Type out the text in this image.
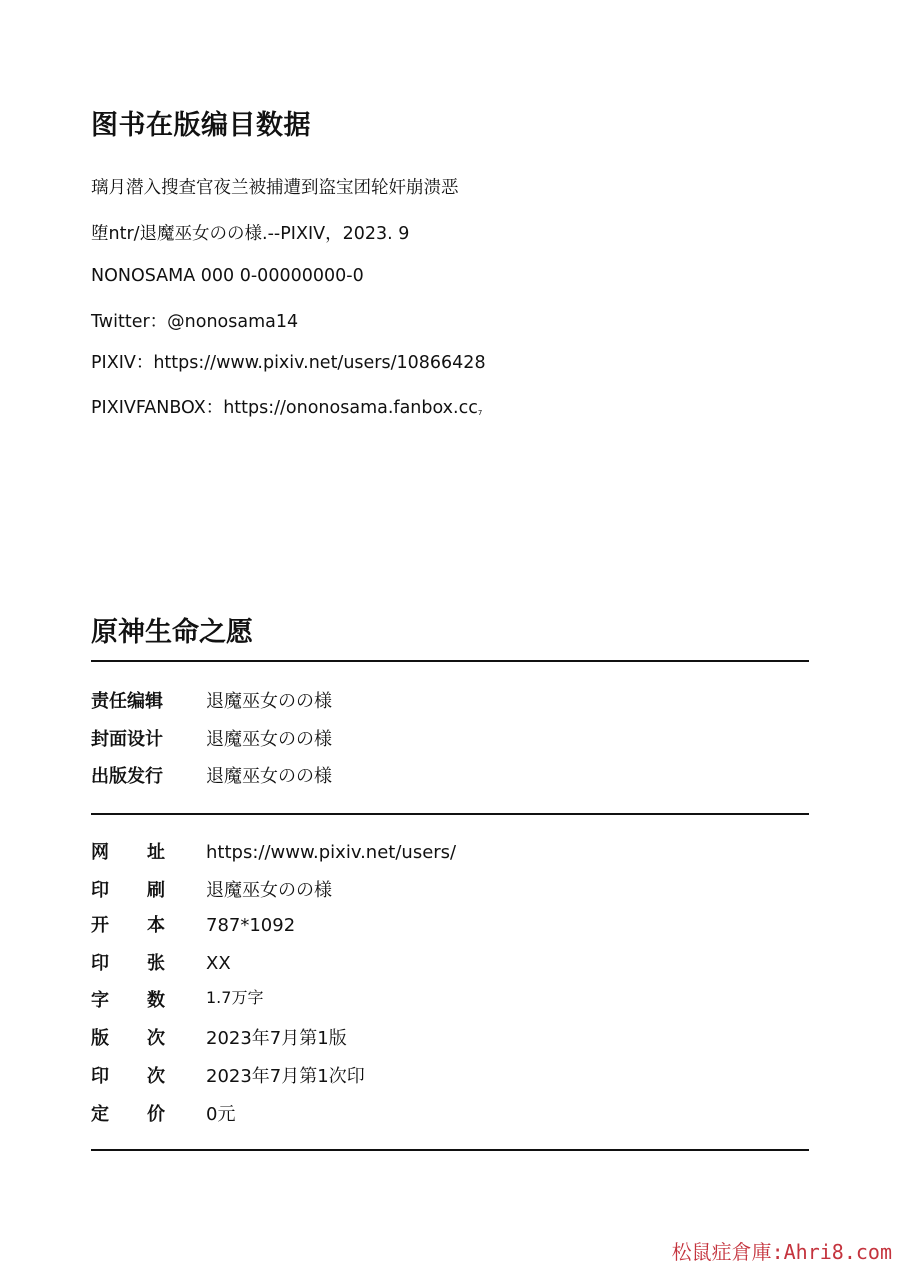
图书在版编目数据

璃月潜入搜查官夜兰被捕遭到盗宝团轮奸崩溃恶

堕ntr/退魔巫女のの様.--PIXIV，2023. 9

NONOSAMA 000 0-00000000-0

Twitter：@nonosama14

PIXIV：https://www.pixiv.net/users/10866428

PIXIVFANBOX：https://ononosama.fanbox.cc7

原神生命之愿
责任编辑 退魔巫女のの様
封面设计 退魔巫女のの様
出版发行 退魔巫女のの様
网 址 https://www.pixiv.net/users/
印 刷 退魔巫女のの様
开 本 787*1092
印 张 XX
字 数	1.7万字
版 次 2023年7月第1版
印 次 2023年7月第1次印
定 价 0元
松鼠症倉庫:Ahri8.com
